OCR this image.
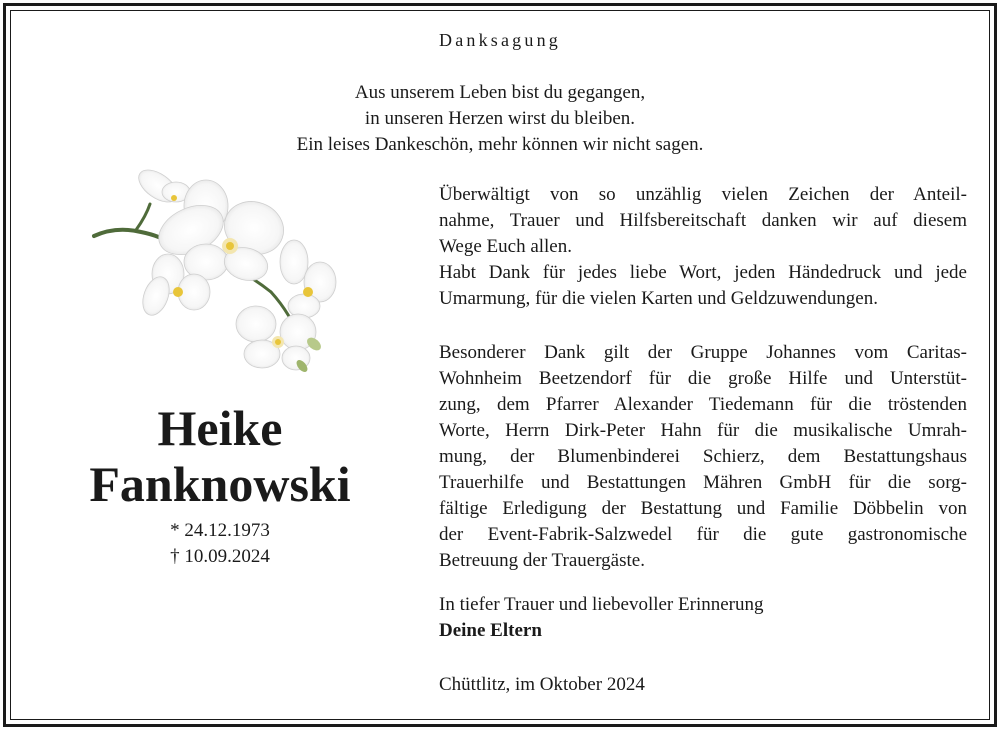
Danksagung
Aus unserem Leben bist du gegangen,
in unseren Herzen wirst du bleiben.
Ein leises Dankeschön, mehr können wir nicht sagen.
Heike
Fanknowski
* 24.12.1973
† 10.09.2024

Überwältigt von so unzählig vielen Zeichen der Anteil-

nahme, Trauer und Hilfsbereitschaft danken wir auf diesem

Wege Euch allen.

Habt Dank für jedes liebe Wort, jeden Händedruck und jede

Umarmung, für die vielen Karten und Geldzuwendungen.

Besonderer Dank gilt der Gruppe Johannes vom Caritas-

Wohnheim Beetzendorf für die große Hilfe und Unterstüt-

zung, dem Pfarrer Alexander Tiedemann für die tröstenden

Worte, Herrn Dirk-Peter Hahn für die musikalische Umrah-

mung, der Blumenbinderei Schierz, dem Bestattungshaus

Trauerhilfe und Bestattungen Mähren GmbH für die sorg-

fältige Erledigung der Bestattung und Familie Döbbelin von

der Event-Fabrik-Salzwedel für die gute gastronomische

Betreuung der Trauergäste.

In tiefer Trauer und liebevoller Erinnerung
Deine Eltern
Chüttlitz, im Oktober 2024
